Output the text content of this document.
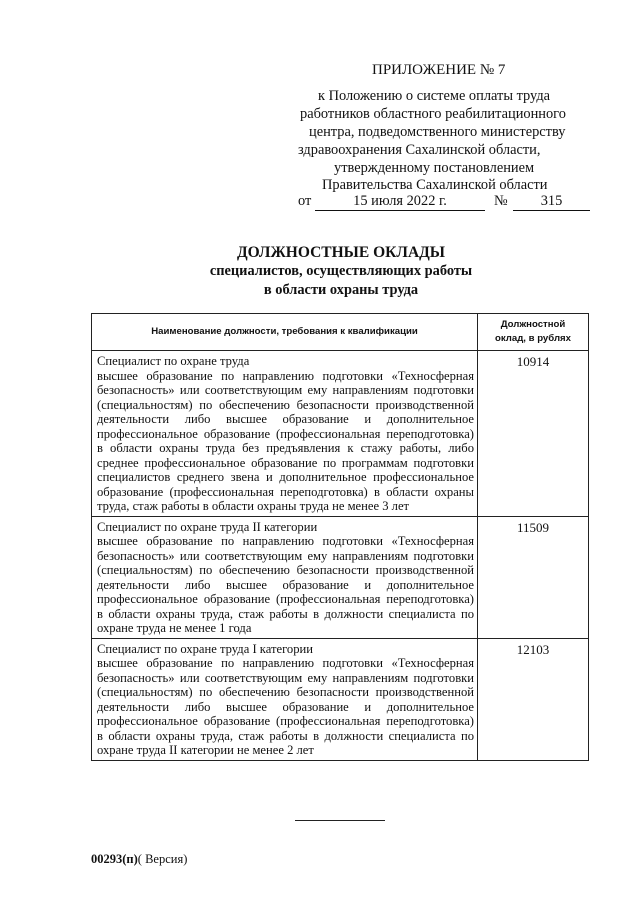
ПРИЛОЖЕНИЕ № 7
к Положению о системе оплаты труда
работников областного реабилитационного
центра, подведомственного министерству
здравоохранения Сахалинской области,
утвержденному постановлением
Правительства Сахалинской области
от	15 июля 2022 г.	№	315
ДОЛЖНОСТНЫЕ ОКЛАДЫ
специалистов, осуществляющих работы
в области охраны труда
Наименование должности, требования к квалификации	Должностной
оклад, в рублях

Специалист по охране труда
высшее образование по направлению подготовки «Техносферная безопасность» или соответствующим ему направлениям подготовки (специальностям) по обеспечению безопасности производственной деятельности либо высшее образование и дополнительное профессиональное образование (профессиональная переподготовка) в области охраны труда без предъявления к стажу работы, либо среднее профессиональное образование по программам подготовки специалистов среднего звена и дополнительное профессиональное образование (профессиональная переподготовка) в области охраны труда, стаж работы в области охраны труда не менее 3 лет	10914

Специалист по охране труда II категории
высшее образование по направлению подготовки «Техносферная безопасность» или соответствующим ему направлениям подготовки (специальностям) по обеспечению безопасности производственной деятельности либо высшее образование и дополнительное профессиональное образование (профессиональная переподготовка) в области охраны труда, стаж работы в должности специалиста по охране труда не менее 1 года	11509

Специалист по охране труда I категории
высшее образование по направлению подготовки «Техносферная безопасность» или соответствующим ему направлениям подготовки (специальностям) по обеспечению безопасности производственной деятельности либо высшее образование и дополнительное профессиональное образование (профессиональная переподготовка) в области охраны труда, стаж работы в должности специалиста по охране труда II категории не менее 2 лет	12103
00293(п)( Версия)
